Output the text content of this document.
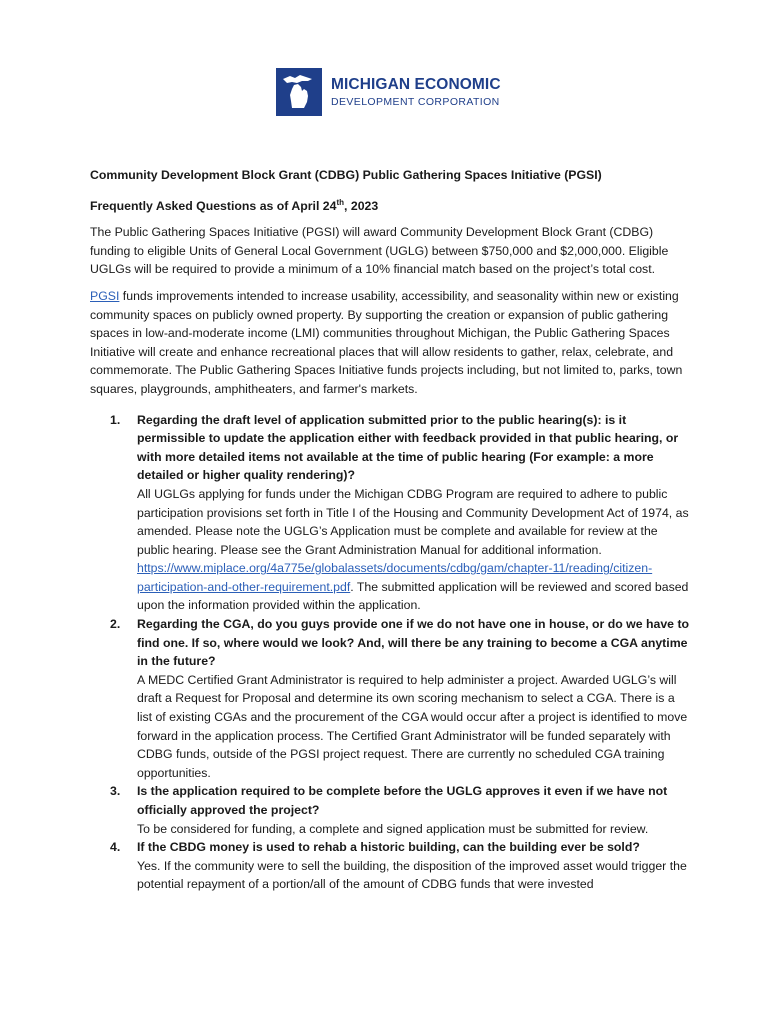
MICHIGAN ECONOMIC
DEVELOPMENT CORPORATION
Community Development Block Grant (CDBG) Public Gathering Spaces Initiative (PGSI)
Frequently Asked Questions as of April 24th, 2023

The Public Gathering Spaces Initiative (PGSI) will award Community Development Block Grant (CDBG) funding to eligible Units of General Local Government (UGLG) between $750,000 and $2,000,000. Eligible UGLGs will be required to provide a minimum of a 10% financial match based on the project’s total cost.

PGSI funds improvements intended to increase usability, accessibility, and seasonality within new or existing community spaces on publicly owned property. By supporting the creation or expansion of public gathering spaces in low-and-moderate income (LMI) communities throughout Michigan, the Public Gathering Spaces Initiative will create and enhance recreational places that will allow residents to gather, relax, celebrate, and commemorate. The Public Gathering Spaces Initiative funds projects including, but not limited to, parks, town squares, playgrounds, amphitheaters, and farmer's markets.

1. Regarding the draft level of application submitted prior to the public hearing(s): is it permissible to update the application either with feedback provided in that public hearing, or with more detailed items not available at the time of public hearing (For example: a more detailed or higher quality rendering)?
All UGLGs applying for funds under the Michigan CDBG Program are required to adhere to public participation provisions set forth in Title I of the Housing and Community Development Act of 1974, as amended. Please note the UGLG’s Application must be complete and available for review at the public hearing. Please see the Grant Administration Manual for additional information. https://www.miplace.org/4a775e/globalassets/documents/cdbg/gam/chapter-11/reading/citizen-participation-and-other-requirement.pdf. The submitted application will be reviewed and scored based upon the information provided within the application.
2. Regarding the CGA, do you guys provide one if we do not have one in house, or do we have to find one. If so, where would we look? And, will there be any training to become a CGA anytime in the future?
A MEDC Certified Grant Administrator is required to help administer a project. Awarded UGLG’s will draft a Request for Proposal and determine its own scoring mechanism to select a CGA. There is a list of existing CGAs and the procurement of the CGA would occur after a project is identified to move forward in the application process. The Certified Grant Administrator will be funded separately with CDBG funds, outside of the PGSI project request. There are currently no scheduled CGA training opportunities.
3. Is the application required to be complete before the UGLG approves it even if we have not officially approved the project?
To be considered for funding, a complete and signed application must be submitted for review.
4. If the CBDG money is used to rehab a historic building, can the building ever be sold?
Yes. If the community were to sell the building, the disposition of the improved asset would trigger the potential repayment of a portion/all of the amount of CDBG funds that were invested
